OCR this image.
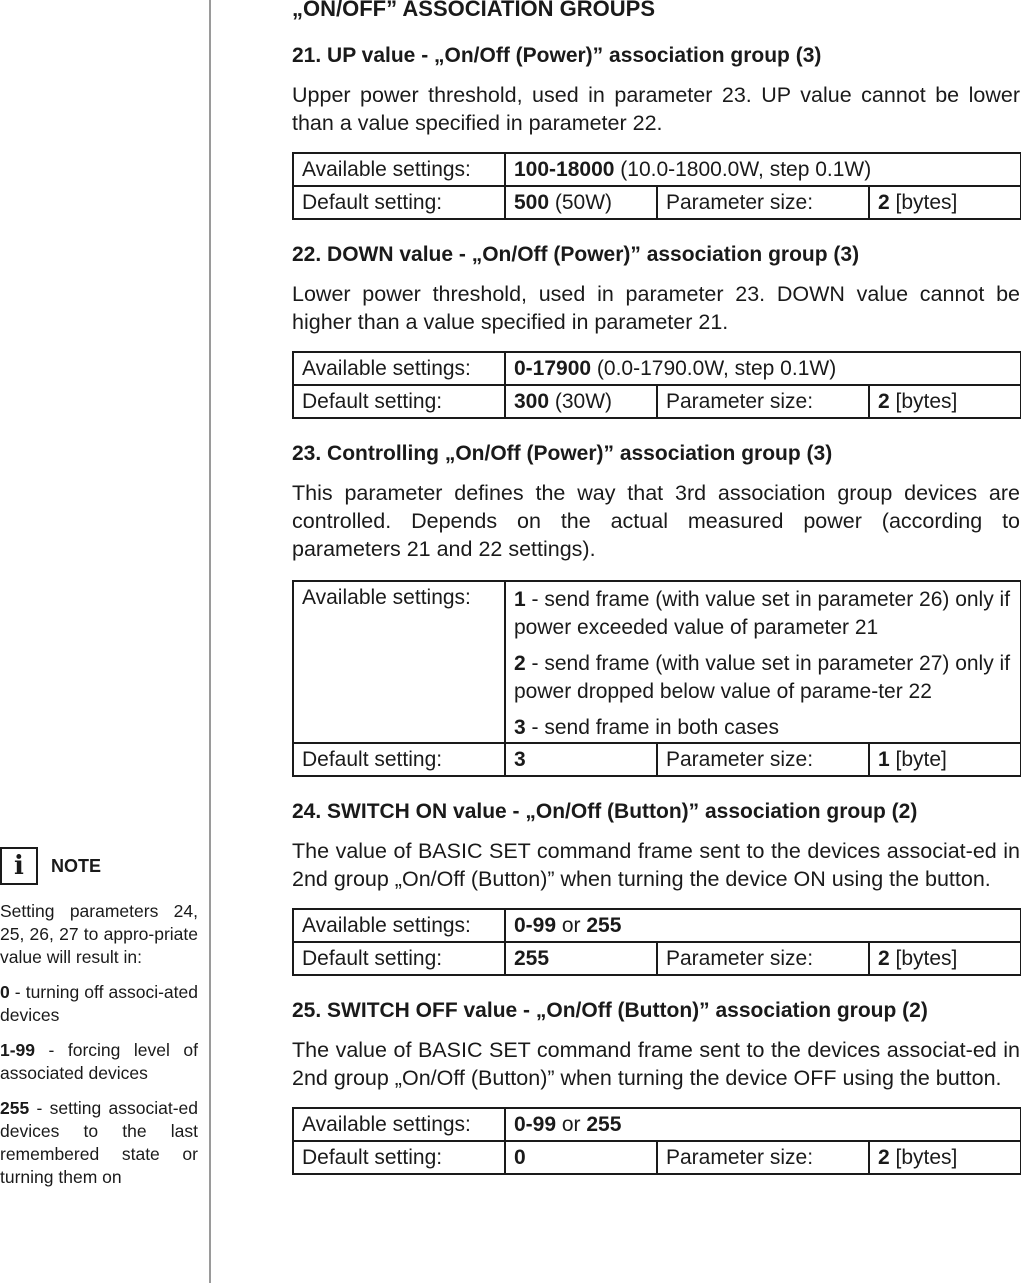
i	NOTE

Setting parameters 24, 25, 26, 27 to appro-priate value will result in:

0 - turning off associ-ated devices

1-99 - forcing level of associated devices

255 - setting associat-ed devices to the last remembered state or turning them on

„ON/OFF” ASSOCIATION GROUPS
21. UP value - „On/Off (Power)” association group (3)

Upper power threshold, used in parameter 23. UP value cannot be lower than a value specified in parameter 22.

Available settings:	100-18000 (10.0-1800.0W, step 0.1W)		
Default setting:	500 (50W)	Parameter size:	2 [bytes]
22. DOWN value - „On/Off (Power)” association group (3)

Lower power threshold, used in parameter 23. DOWN value cannot be higher than a value specified in parameter 21.

Available settings:	0-17900 (0.0-1790.0W, step 0.1W)		
Default setting:	300 (30W)	Parameter size:	2 [bytes]
23. Controlling „On/Off (Power)” association group (3)

This parameter defines the way that 3rd association group devices are controlled. Depends on the actual measured power (according to parameters 21 and 22 settings).

Available settings:	1 - send frame (with value set in parameter 26) only if power exceeded value of parameter 21
2 - send frame (with value set in parameter 27) only if power dropped below value of parame-ter 22
3 - send frame in both cases		

Default setting:	3	Parameter size:	1 [byte]
24. SWITCH ON value - „On/Off (Button)” association group (2)

The value of BASIC SET command frame sent to the devices associat-ed in 2nd group „On/Off (Button)” when turning the device ON using the button.

Available settings:	0-99 or 255		
Default setting:	255	Parameter size:	2 [bytes]
25. SWITCH OFF value - „On/Off (Button)” association group (2)

The value of BASIC SET command frame sent to the devices associat-ed in 2nd group „On/Off (Button)” when turning the device OFF using the button.

Available settings:	0-99 or 255		
Default setting:	0	Parameter size:	2 [bytes]
